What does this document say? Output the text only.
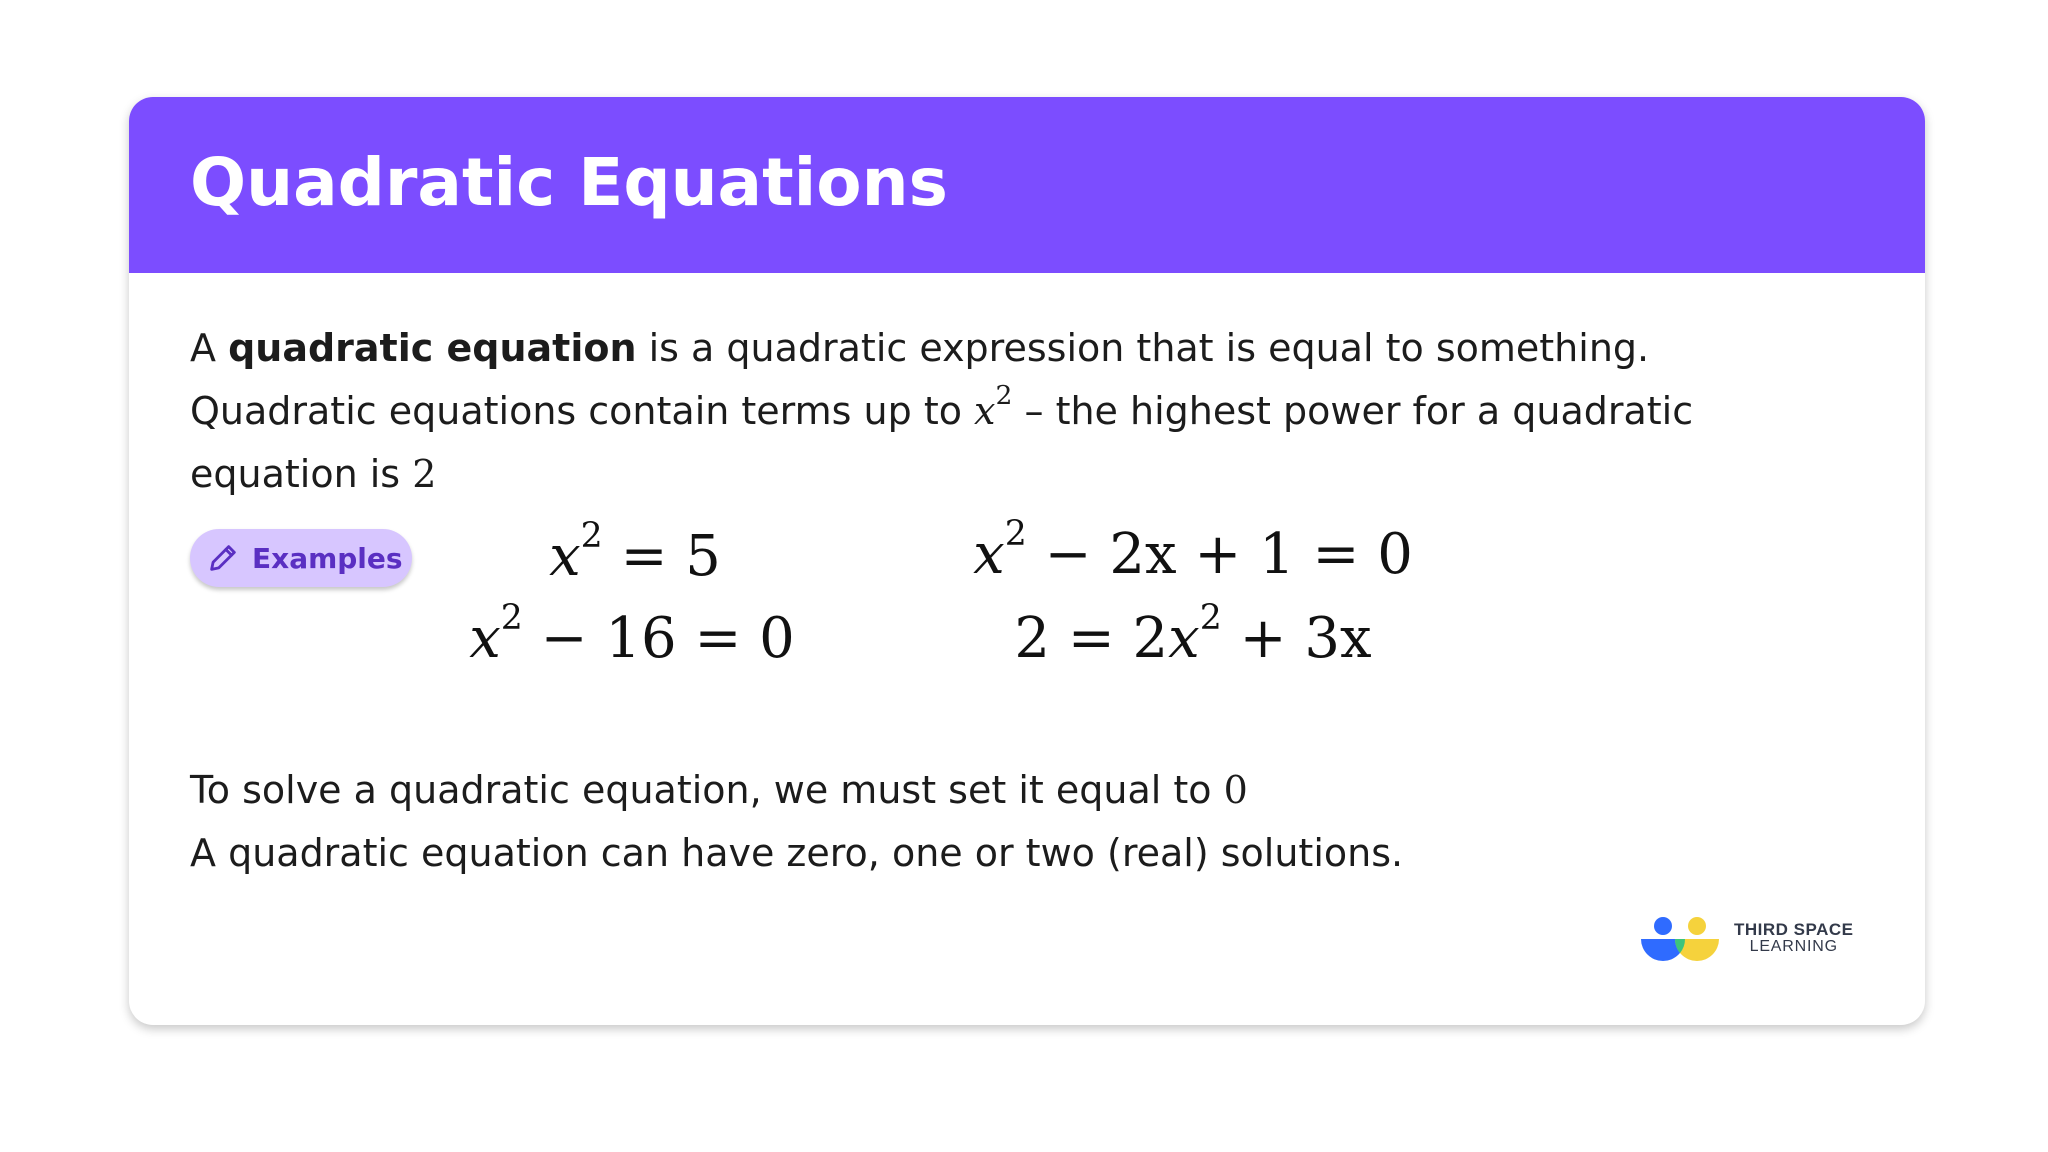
Quadratic Equations

A quadratic equation is a quadratic expression that is equal to something.
Quadratic equations contain terms up to $x^2$ – the highest power for a quadratic
equation is 2

Examples	$x^2 = 5$	$x^2 - 2x + 1 = 0$
$x^2 - 16 = 0$	$2 = 2x^2 + 3x$

To solve a quadratic equation, we must set it equal to 0
A quadratic equation can have zero, one or two (real) solutions.

THIRD SPACE
LEARNING
